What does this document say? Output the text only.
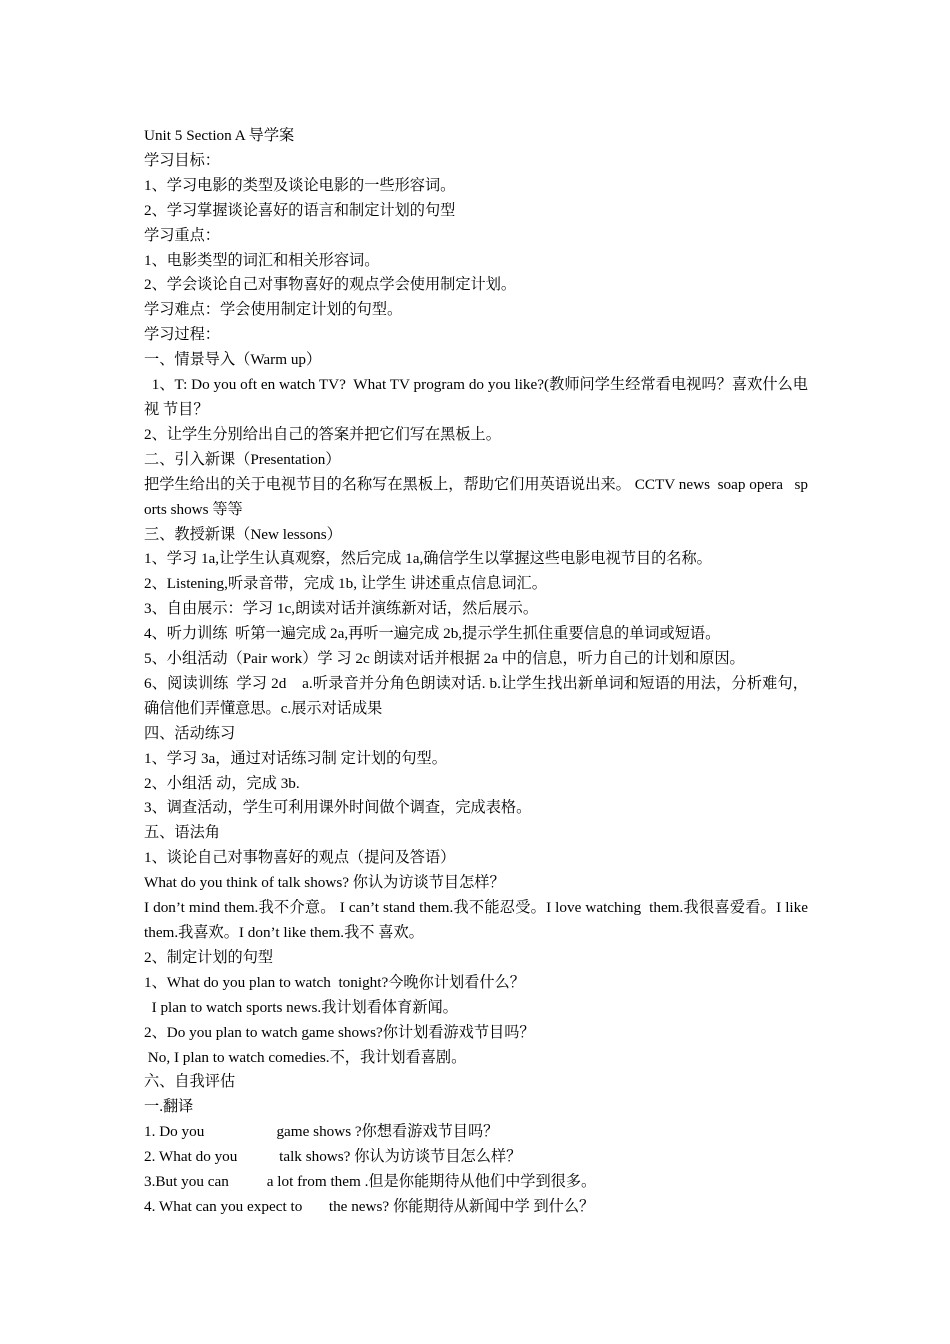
Unit 5 Section A 导学案
学习目标：
1、学习电影的类型及谈论电影的一些形容词。
2、学习掌握谈论喜好的语言和制定计划的句型
学习重点：
1、电影类型的词汇和相关形容词。
2、学会谈论自己对事物喜好的观点学会使用制定计划。
学习难点：学会使用制定计划的句型。
学习过程：
一、情景导入（Warm up）
1、T: Do you oft en watch TV?  What TV program do you like?(教师问学生经常看电视吗？喜欢什么电视 节目？
2、让学生分别给出自己的答案并把它们写在黑板上。
二、引入新课（Presentation）
把学生给出的关于电视节目的名称写在黑板上，帮助它们用英语说出来。 CCTV news  soap opera   sports shows 等等
三、教授新课（New lessons）
1、学习 1a,让学生认真观察，然后完成 1a,确信学生以掌握这些电影电视节目的名称。
2、Listening,听录音带，完成 1b, 让学生 讲述重点信息词汇。
3、自由展示：学习 1c,朗读对话并演练新对话，然后展示。
4、听力训练  听第一遍完成 2a,再听一遍完成 2b,提示学生抓住重要信息的单词或短语。
5、小组活动（Pair work）学 习 2c 朗读对话并根据 2a 中的信息，听力自己的计划和原因。
6、阅读训练  学习 2d    a.听录音并分角色朗读对话. b.让学生找出新单词和短语的用法，分析难句，确信他们弄懂意思。c.展示对话成果
四、活动练习
1、学习 3a，通过对话练习制 定计划的句型。
2、小组活 动，完成 3b.
3、调查活动，学生可利用课外时间做个调查，完成表格。
五、语法角
1、谈论自己对事物喜好的观点（提问及答语）
What do you think of talk shows? 你认为访谈节目怎样？
I don’t mind them.我不介意。 I can’t stand them.我不能忍受。I love watching  them.我很喜爱看。I like them.我喜欢。I don’t like them.我不 喜欢。
2、制定计划的句型
1、What do you plan to watch  tonight?今晚你计划看什么？
I plan to watch sports news.我计划看体育新闻。
2、Do you plan to watch game shows?你计划看游戏节目吗？
No, I plan to watch comedies.不，我计划看喜剧。
六、自我评估
一.翻译
1. Do you                   game shows ?你想看游戏节目吗？
2. What do you           talk shows? 你认为访谈节目怎么样？
3.But you can          a lot from them .但是你能期待从他们中学到很多。
4. What can you expect to       the news? 你能期待从新闻中学 到什么？
